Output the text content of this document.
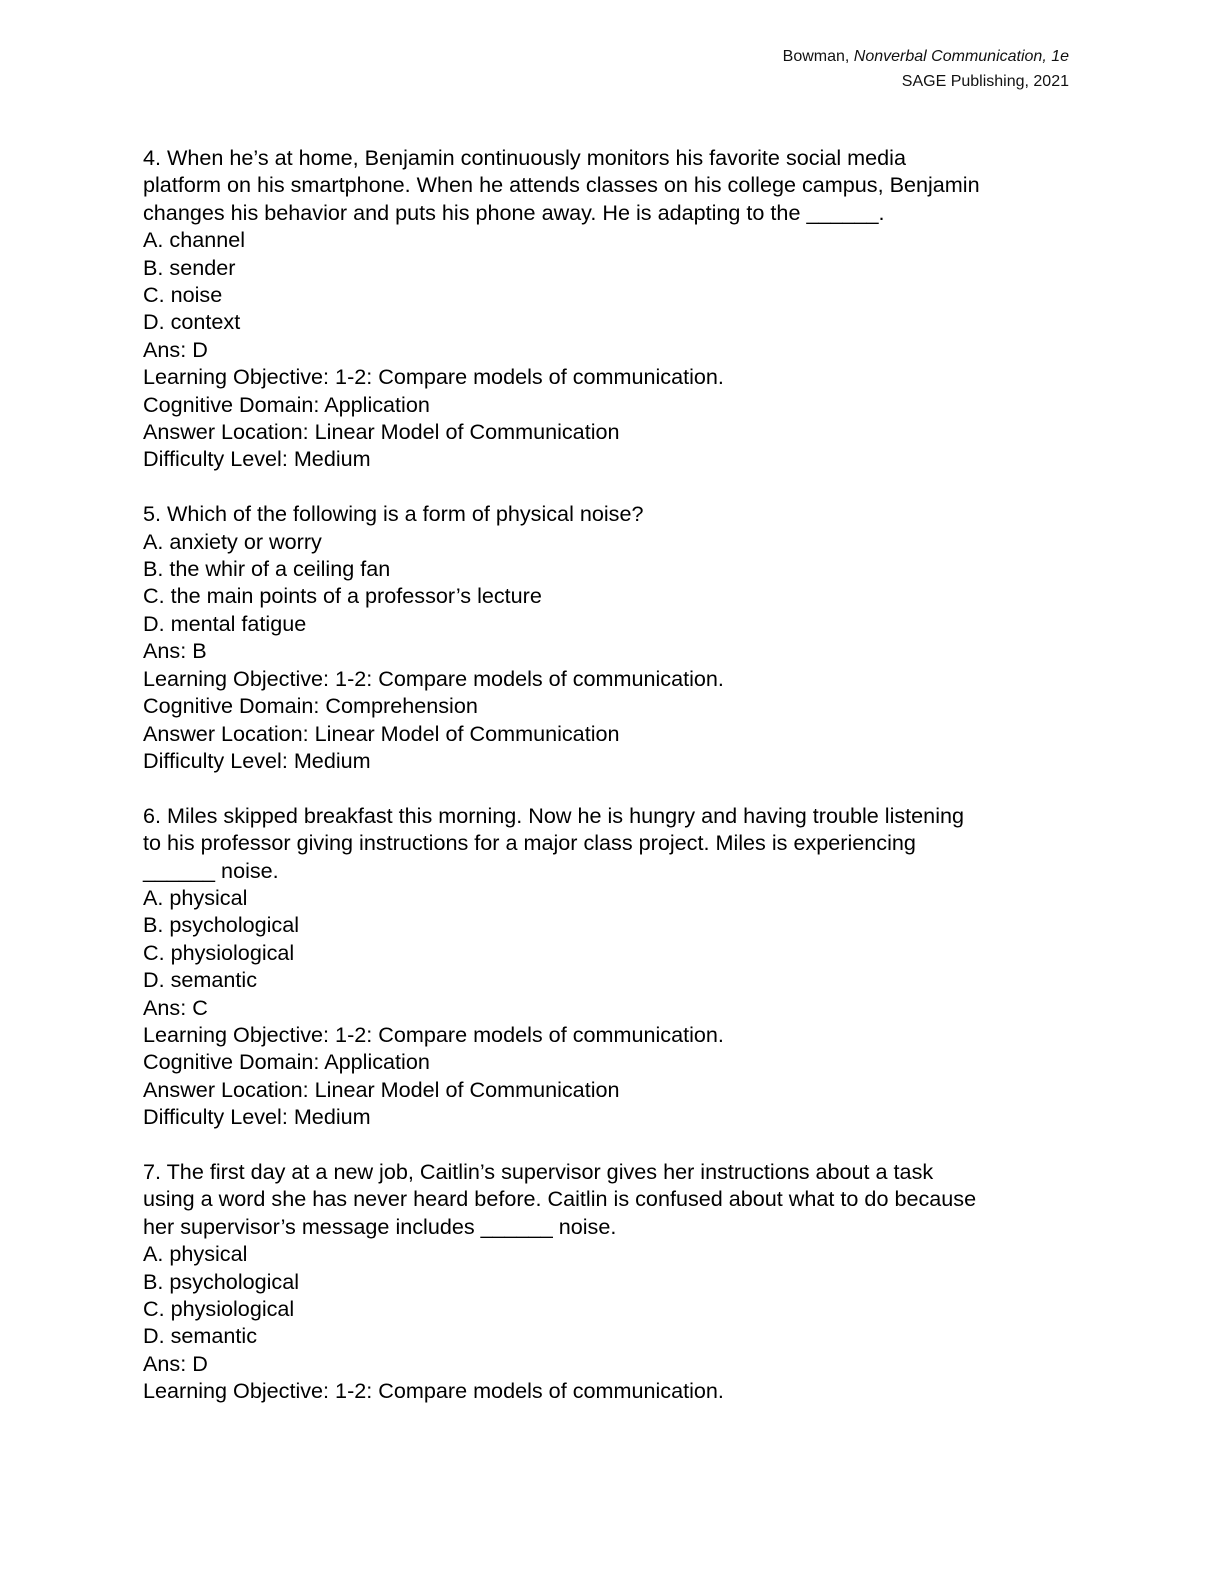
Bowman, Nonverbal Communication, 1e
SAGE Publishing, 2021
4. When he’s at home, Benjamin continuously monitors his favorite social media
platform on his smartphone. When he attends classes on his college campus, Benjamin
changes his behavior and puts his phone away. He is adapting to the ______.
A. channel
B. sender
C. noise
D. context
Ans: D
Learning Objective: 1-2: Compare models of communication.
Cognitive Domain: Application
Answer Location: Linear Model of Communication
Difficulty Level: Medium
5. Which of the following is a form of physical noise?
A. anxiety or worry
B. the whir of a ceiling fan
C. the main points of a professor’s lecture
D. mental fatigue
Ans: B
Learning Objective: 1-2: Compare models of communication.
Cognitive Domain: Comprehension
Answer Location: Linear Model of Communication
Difficulty Level: Medium
6. Miles skipped breakfast this morning. Now he is hungry and having trouble listening
to his professor giving instructions for a major class project. Miles is experiencing
______ noise.
A. physical
B. psychological
C. physiological
D. semantic
Ans: C
Learning Objective: 1-2: Compare models of communication.
Cognitive Domain: Application
Answer Location: Linear Model of Communication
Difficulty Level: Medium
7. The first day at a new job, Caitlin’s supervisor gives her instructions about a task
using a word she has never heard before. Caitlin is confused about what to do because
her supervisor’s message includes ______ noise.
A. physical
B. psychological
C. physiological
D. semantic
Ans: D
Learning Objective: 1-2: Compare models of communication.
